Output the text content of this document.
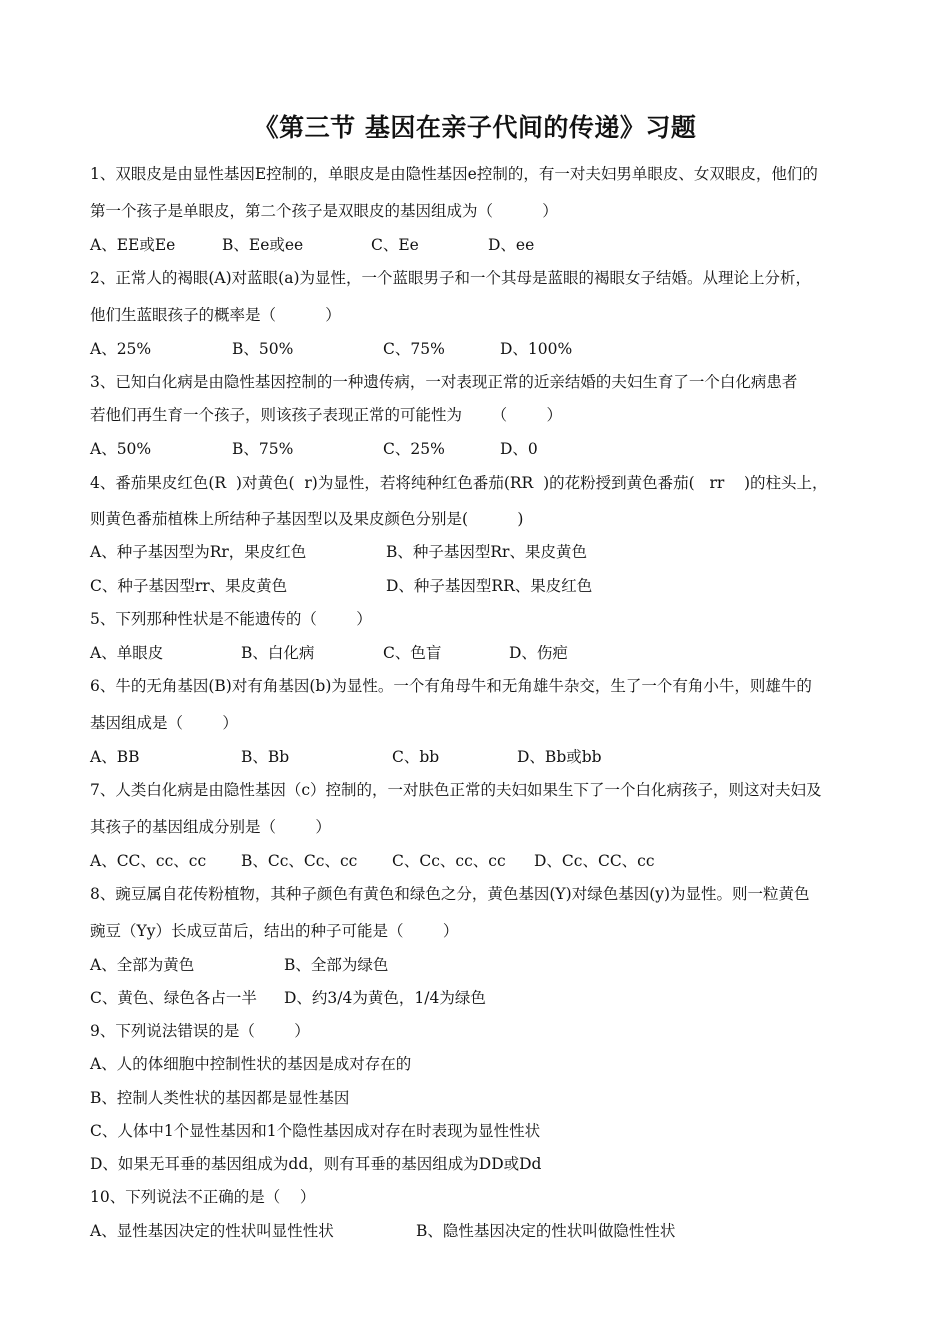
《第三节 基因在亲子代间的传递》习题
1、双眼皮是由显性基因E控制的，单眼皮是由隐性基因e控制的，有一对夫妇男单眼皮、女双眼皮，他们的
第一个孩子是单眼皮，第二个孩子是双眼皮的基因组成为（          ）
A、EE或Ee	B、Ee或ee	C、Ee	D、ee
2、正常人的褐眼(A)对蓝眼(a)为显性，一个蓝眼男子和一个其母是蓝眼的褐眼女子结婚。从理论上分析，
他们生蓝眼孩子的概率是（          ）
A、25%	B、50%	C、75%	D、100%
3、已知白化病是由隐性基因控制的一种遗传病，一对表现正常的近亲结婚的夫妇生育了一个白化病患者
若他们再生育一个孩子，则该孩子表现正常的可能性为      （        ）
A、50%	B、75%	C、25%	D、0
4、番茄果皮红色(R  )对黄色(  r)为显性，若将纯种红色番茄(RR  )的花粉授到黄色番茄(   rr    )的柱头上，
则黄色番茄植株上所结种子基因型以及果皮颜色分别是(          )
A、种子基因型为Rr，果皮红色	B、种子基因型Rr、果皮黄色
C、种子基因型rr、果皮黄色	D、种子基因型RR、果皮红色
5、下列那种性状是不能遗传的（        ）
A、单眼皮	B、白化病	C、色盲	D、伤疤
6、牛的无角基因(B)对有角基因(b)为显性。一个有角母牛和无角雄牛杂交，生了一个有角小牛，则雄牛的
基因组成是（        ）
A、BB	B、Bb	C、bb	D、Bb或bb
7、人类白化病是由隐性基因（c）控制的，一对肤色正常的夫妇如果生下了一个白化病孩子，则这对夫妇及
其孩子的基因组成分别是（        ）
A、CC、cc、cc B、Cc、Cc、cc C、Cc、cc、cc D、Cc、CC、cc
8、豌豆属自花传粉植物，其种子颜色有黄色和绿色之分，黄色基因(Y)对绿色基因(y)为显性。则一粒黄色
豌豆（Yy）长成豆苗后，结出的种子可能是（        ）
A、全部为黄色	B、全部为绿色
C、黄色、绿色各占一半 D、约3/4为黄色，1/4为绿色
9、下列说法错误的是（        ）
A、人的体细胞中控制性状的基因是成对存在的
B、控制人类性状的基因都是显性基因
C、人体中1个显性基因和1个隐性基因成对存在时表现为显性性状
D、如果无耳垂的基因组成为dd，则有耳垂的基因组成为DD或Dd
10、下列说法不正确的是（    ）
A、显性基因决定的性状叫显性性状	B、隐性基因决定的性状叫做隐性性状
